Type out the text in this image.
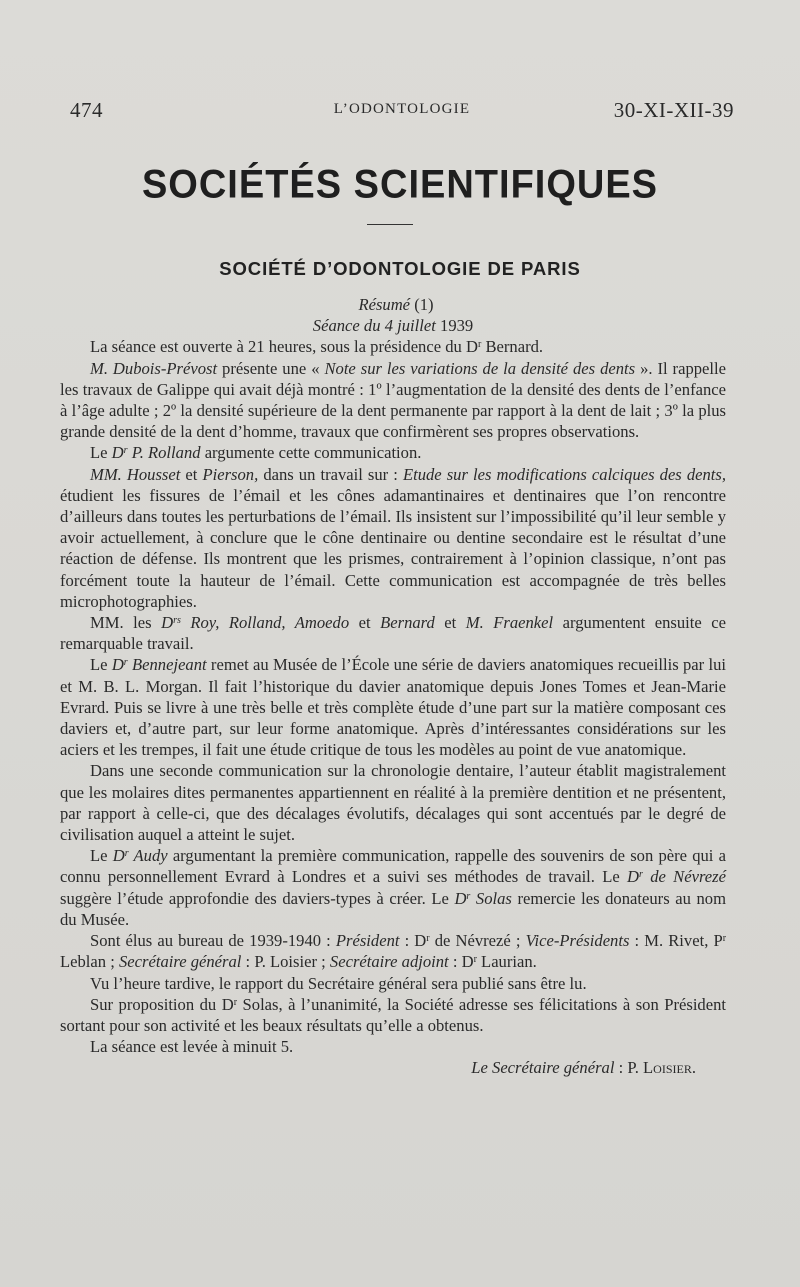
474	L’ODONTOLOGIE	30-XI-XII-39
SOCIÉTÉS SCIENTIFIQUES
SOCIÉTÉ D’ODONTOLOGIE DE PARIS

Résumé (1)

Séance du 4 juillet 1939

La séance est ouverte à 21 heures, sous la présidence du $D^r$ Bernard.

M. Dubois-Prévost présente une « Note sur les variations de la densité des dents ». Il rappelle les travaux de Galippe qui avait déjà montré : 1º l’augmentation de la densité des dents de l’enfance à l’âge adulte ; 2º la densité supérieure de la dent permanente par rapport à la dent de lait ; 3º la plus grande densité de la dent d’homme, travaux que confirmèrent ses propres observations.

Le $D^r$ P. Rolland argumente cette communication.

MM. Housset et Pierson, dans un travail sur : Etude sur les modifications calciques des dents, étudient les fissures de l’émail et les cônes adamantinaires et dentinaires que l’on rencontre d’ailleurs dans toutes les perturbations de l’émail. Ils insistent sur l’impossibilité qu’il leur semble y avoir actuellement, à conclure que le cône dentinaire ou dentine secondaire est le résultat d’une réaction de défense. Ils montrent que les prismes, contrairement à l’opinion classique, n’ont pas forcément toute la hauteur de l’émail. Cette communication est accompagnée de très belles microphotographies.

MM. les $D^{rs}$ Roy, Rolland, Amoedo et Bernard et M. Fraenkel argumentent ensuite ce remarquable travail.

Le $D^r$ Bennejeant remet au Musée de l’École une série de daviers anatomiques recueillis par lui et M. B. L. Morgan. Il fait l’historique du davier anatomique depuis Jones Tomes et Jean-Marie Evrard. Puis se livre à une très belle et très complète étude d’une part sur la matière composant ces daviers et, d’autre part, sur leur forme anatomique. Après d’intéressantes considérations sur les aciers et les trempes, il fait une étude critique de tous les modèles au point de vue anatomique.

Dans une seconde communication sur la chronologie dentaire, l’auteur établit magistralement que les molaires dites permanentes appartiennent en réalité à la première dentition et ne présentent, par rapport à celle-ci, que des décalages évolutifs, décalages qui sont accentués par le degré de civilisation auquel a atteint le sujet.

Le $D^r$ Audy argumentant la première communication, rappelle des souvenirs de son père qui a connu personnellement Evrard à Londres et a suivi ses méthodes de travail. Le $D^r$ de Névrezé suggère l’étude approfondie des daviers-types à créer. Le $D^r$ Solas remercie les donateurs au nom du Musée.

Sont élus au bureau de 1939-1940 : Président : $D^r$ de Névrezé ; Vice-Présidents : M. Rivet, $P^r$ Leblan ; Secrétaire général : P. Loisier ; Secrétaire adjoint : $D^r$ Laurian.

Vu l’heure tardive, le rapport du Secrétaire général sera publié sans être lu.

Sur proposition du $D^r$ Solas, à l’unanimité, la Société adresse ses félicitations à son Président sortant pour son activité et les beaux résultats qu’elle a obtenus.

La séance est levée à minuit 5.

Le Secrétaire général : P. Loisier.
